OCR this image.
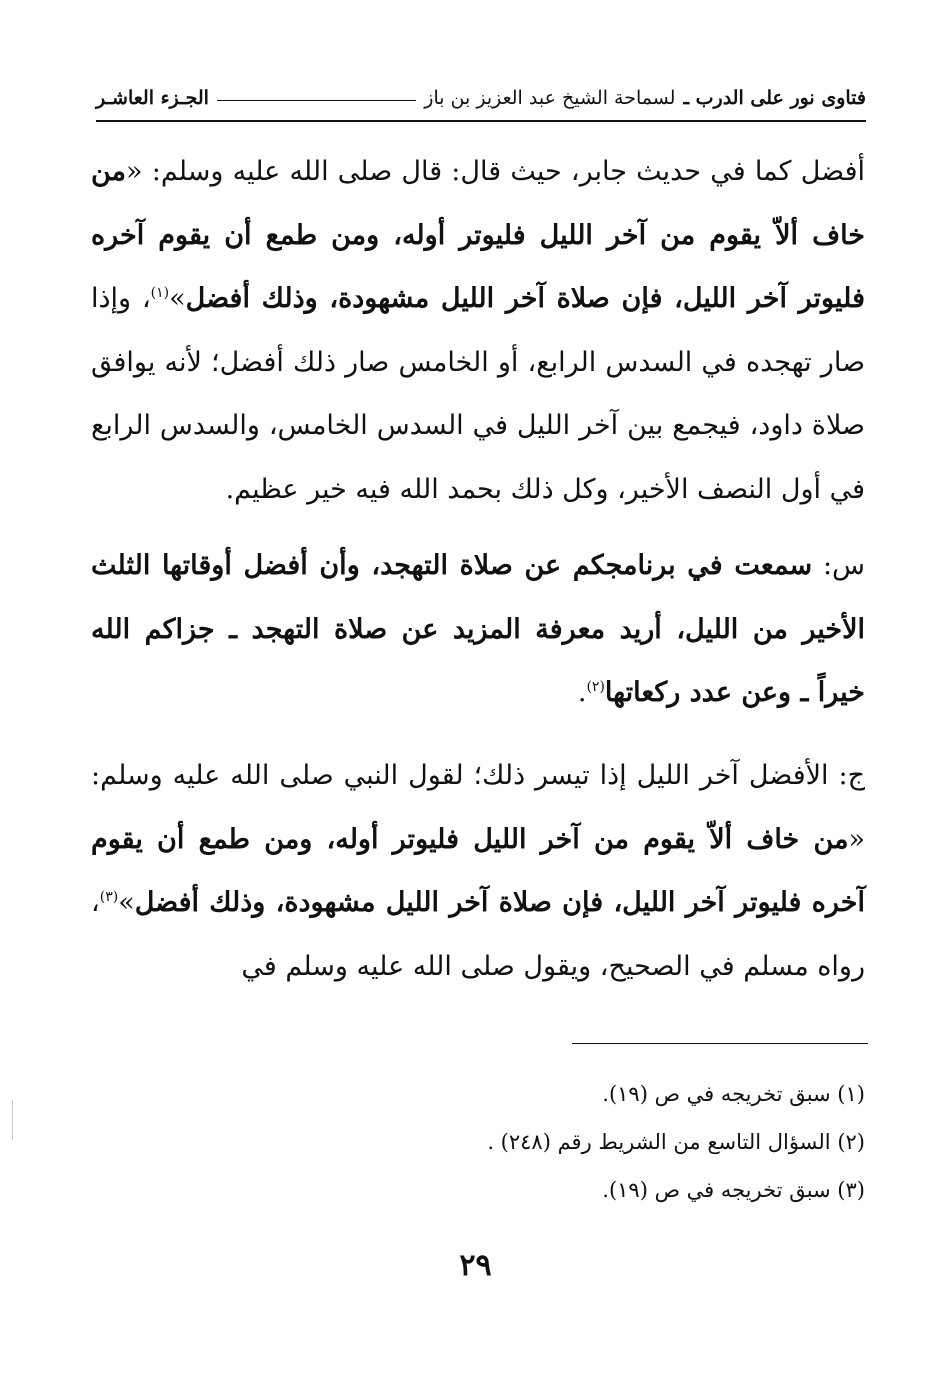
فتاوى نور على الدرب ـ
لسماحة الشيخ عبد العزيز بن باز
الجـزء العاشـر
أفضل كما في حديث جابر، حيث قال: قال صلى الله عليه وسلم: «من خاف ألاّ يقوم من آخر الليل فليوتر أوله، ومن طمع أن يقوم آخره فليوتر آخر الليل، فإن صلاة آخر الليل مشهودة، وذلك أفضل»$^{(١)}$، وإذا صار تهجده في السدس الرابع، أو الخامس صار ذلك أفضل؛ لأنه يوافق صلاة داود، فيجمع بين آخر الليل في السدس الخامس، والسدس الرابع في أول النصف الأخير، وكل ذلك بحمد الله فيه خير عظيم.
س: سمعت في برنامجكم عن صلاة التهجد، وأن أفضل أوقاتها الثلث الأخير من الليل، أريد معرفة المزيد عن صلاة التهجد ـ جزاكم الله خيراً ـ وعن عدد ركعاتها$^{(٢)}$.
ج: الأفضل آخر الليل إذا تيسر ذلك؛ لقول النبي صلى الله عليه وسلم: «من خاف ألاّ يقوم من آخر الليل فليوتر أوله، ومن طمع أن يقوم آخره فليوتر آخر الليل، فإن صلاة آخر الليل مشهودة، وذلك أفضل»$^{(٣)}$، رواه مسلم في الصحيح، ويقول صلى الله عليه وسلم في
(١) سبق تخريجه في ص (١٩).
(٢) السؤال التاسع من الشريط رقم (٢٤٨) .
(٣) سبق تخريجه في ص (١٩).
٢٩
